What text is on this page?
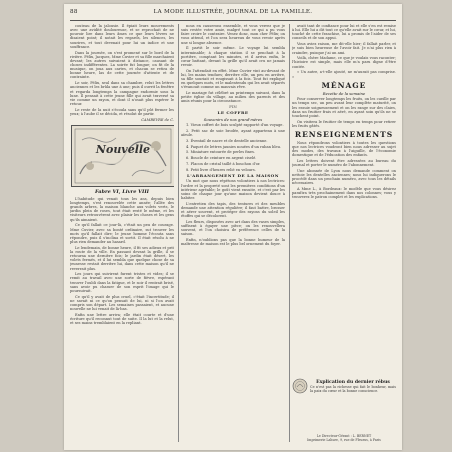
88	LA MODE ILLUSTRÉE, JOURNAL DE LA FAMILLE.

couteau de la jalousie. Il épiait leurs mouvements avec une avidité douloureuse, et se reprochait de ne pouvoir lire dans leurs âmes ce que leurs lèvres ne disaient point; il notait les regards, les silences, les sourires, et tout devenait pour lui un indice et une souffrance.

Dans la journée, on s'est promené sur le bord de la rivière. Félix, Jacques, Mme Cuvier et sa fille marchaient devant; les autres suivaient à distance, causant de choses indifférentes. La soirée fut longue; on fit de la musique, on joua aux cartes, et chacun se retira de bonne heure, las de cette journée d'attente et de contrainte.

Le soir, Félix, seul dans sa chambre, relut les lettres anciennes et les brûla une à une; puis il ouvrit la fenêtre et regarda longtemps la campagne endormie sous la lune. Il pensait à cette jeune fille qui avait traversé sa vie comme un rayon, et dont il n'osait plus espérer le retour.

Le reste de la nuit s'écoula sans qu'il pût fermer les yeux; à l'aube il se décida, et résolut de partir.

CAMBEVRE de C.
Nouvelle
Fabre VI, Livre VIII

L'habitude qui venait tous les ans, depuis bien longtemps, s'est renouvelée cette année; l'allée des grands arbres, la maison blanche aux volets verts, le jardin plein de roses, tout était resté le même, et les visiteurs retrouvèrent avec plaisir les choses et les gens qu'ils aimaient.

Ce qu'il fallait ce jour-là, c'était un peu de courage. Mme Cuvier, avec sa bonté ordinaire, sut trouver les mots qu'il fallait dire; le jeune homme l'écouta sans répondre, puis il s'inclina et sortit. Il était résolu à ne plus rien demander au hasard.

Le lendemain, de bonne heure, il fit ses adieux et prit la route de la ville. En passant devant la grille, il se retourna une dernière fois; le jardin était désert, les volets fermés, et il lui sembla que quelque chose de sa jeunesse restait derrière lui, dans cette maison qu'il ne reverrait plus.

Les jours qui suivirent furent tristes et vides; il se remit au travail avec une sorte de fièvre, espérant trouver l'oubli dans la fatigue, et le soir il rentrait brisé, sans avoir pu chasser de son esprit l'image qui le poursuivait.

Ce qu'il y avait de plus cruel, c'était l'incertitude; il ne savait ni ce qu'on pensait de lui, ni si l'on avait compris son départ. Les semaines passaient, et aucune nouvelle ne lui venait de là-bas.

Enfin une lettre arriva; elle était courte et d'une écriture qu'il reconnut tout de suite. Il la lut et la relut, et ses mains tremblaient en la repliant.

nous en causerons ensemble, et vous verrez que je suis restée votre amie, malgré tout ce qui a pu vous faire croire le contraire. Venez donc, mon cher Félix; on vous attend, et l'on sera heureux de vous revoir après une si longue absence.

Il partit le soir même. Le voyage lui sembla interminable; à chaque station il se penchait à la portière, comptant les minutes, et il arriva enfin, le cœur battant, devant la grille qu'il avait cru ne jamais revoir.

On l'attendait en effet. Mme Cuvier vint au-devant de lui, les mains tendues; derrière elle, un peu en arrière, sa fille souriait et rougissait à la fois. Tout fut expliqué en quelques mots, et le malentendu qui les avait séparés s'évanouit comme un mauvais rêve.

Le mariage fut célébré au printemps suivant, dans la petite église du village, au milieu des parents et des amis réunis pour la circonstance.

FIN
LE COFFRE
Souvenirs de nos grand'mères

1. Vieux coffret de bois sculpté rapporté d'un voyage.

2. Petit sac de soie brodée, ayant appartenu à une aïeule.

3. Éventail de nacre et de dentelle ancienne.

4. Paquet de lettres jaunies nouées d'un ruban bleu.

5. Miniature entourée de perles fines.

6. Boucle de ceinture en argent ciselé.

7. Flacon de cristal taillé à bouchon d'or.

8. Petit livre d'heures relié en velours.

L'ARRANGEMENT DE LA MAISON

Un mot que nous répétons volontiers à nos lectrices: l'ordre et la propreté sont les premières conditions d'un intérieur agréable; le goût vient ensuite, et c'est par les soins de chaque jour qu'une maison devient douce à habiter.

L'entretien des tapis, des tentures et des meubles demande une attention régulière; il faut battre, brosser et aérer souvent, et protéger des rayons du soleil les étoffes qui se décolorent.

Les fleurs, disposées avec art dans des vases simples, suffisent à égayer une pièce; on les renouvellera souvent, et l'on choisira de préférence celles de la saison.

Enfin, n'oublions pas que la bonne humeur de la maîtresse de maison est le plus bel ornement du foyer.

avait tant de confiance pour lui et elle s'en est remise à lui. Elle lui a dit tout ce qu'elle avait sur le cœur, et lui, touché de cette franchise, lui a promis de l'aider de ses conseils et de son appui.

Vous aviez raison, me dit-elle hier; il fallait parler, et je suis bien heureuse de l'avoir fait. Je n'ai plus rien à craindre, puisque j'ai un ami.

Voilà, chère Madame, ce que je voulais vous raconter; l'histoire est simple, mais elle m'a paru digne d'être contée.

« Un autre, a-t-elle ajouté, ne m'aurait pas comprise. »

MÉNAGE
Recette de la semaine

Pour conserver longtemps les fruits, on les cueille par un temps sec, un peu avant leur complète maturité, on les essuie soigneusement et on les range sur des claies, dans un fruitier frais et aéré, en ayant soin qu'ils ne se touchent point.

On visitera le fruitier de temps en temps pour retirer les fruits gâtés.

RENSEIGNEMENTS

Nous répondrons volontiers à toutes les questions que nos lectrices voudront bien nous adresser au sujet des modes, des travaux à l'aiguille, de l'économie domestique et de l'éducation des enfants.

Les lettres doivent être adressées au bureau du journal et porter le numéro de l'abonnement.

Une abonnée de Lyon nous demande comment on nettoie les dentelles anciennes; nous lui indiquerons le procédé dans un prochain numéro, avec tous les détails nécessaires.

A Mme L., à Bordeaux: le modèle que vous désirez paraîtra très prochainement dans nos colonnes; vous y trouverez le patron complet et les explications.

Explication du dernier rébus
Ce n'est pas la richesse qui fait le bonheur, mais la paix du cœur et la bonne conscience.
Le Directeur-Gérant : L. BERNET
Imprimerie Lahure, 9, rue de Fleurus, à Paris
